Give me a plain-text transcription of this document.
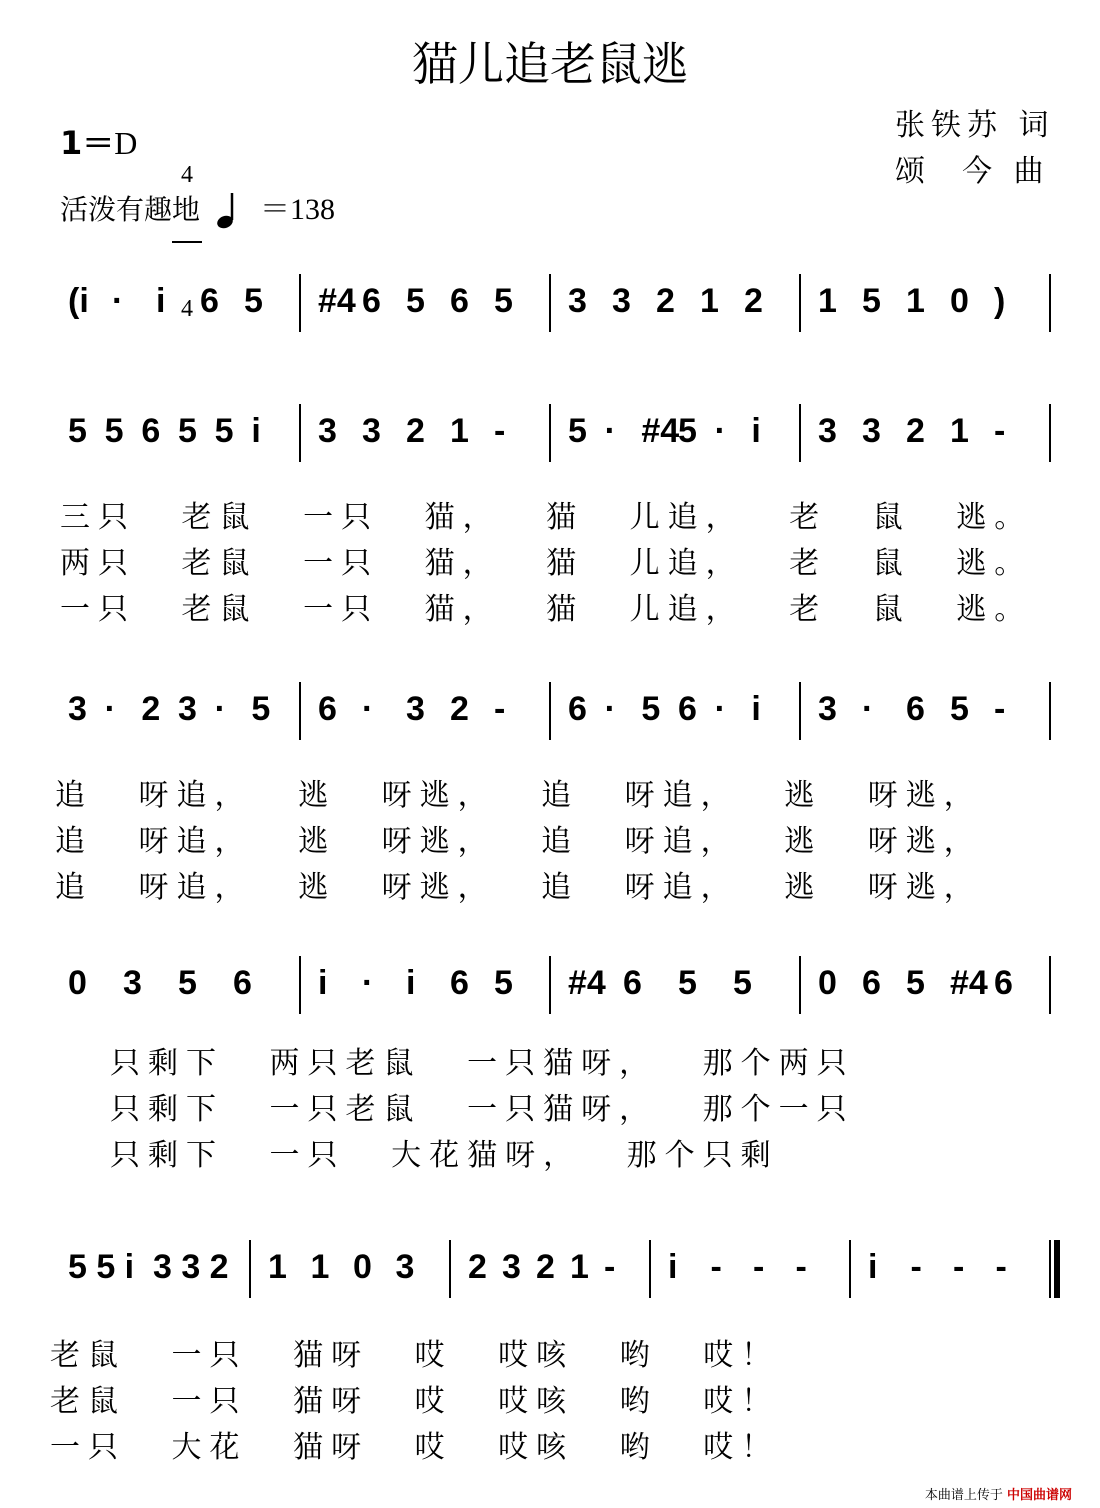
猫儿追老鼠逃
张铁苏 词
颂  今 曲
1＝D

4

4

活泼有趣地 ＝138
(i · i 6 5 #4 6 5 6 5 3 3 2 1 2 1 5 1 0 )
5 5 6 5 5 i 3 3 2 1 - 5 · #4
5 · i 3 3 2 1 -
3 · 2 3 · 5 6 · 3 2 - 6 · 5 6 · i 3 · 6 5 -
0 3 5 6 i · i 6 5 #4 6 5 5 0 6 5 #4 6
5 5 i 3 3 2 1 1 0 3 2 3 2 1 - i - - - i - - -
三只 老鼠 一只 猫， 猫 儿追， 老 鼠 逃。
两只 老鼠 一只 猫， 猫 儿追， 老 鼠 逃。
一只 老鼠 一只 猫， 猫 儿追， 老 鼠 逃。
追 呀追， 逃 呀逃， 追 呀追， 逃 呀逃，
追 呀追， 逃 呀逃， 追 呀追， 逃 呀逃，
追 呀追， 逃 呀逃， 追 呀追， 逃 呀逃，
只剩下 两只老鼠 一只猫呀， 那个两只
只剩下 一只老鼠 一只猫呀， 那个一只
只剩下 一只 大花猫呀， 那个只剩
老鼠 一只 猫呀 哎 哎咳 哟 哎！
老鼠 一只 猫呀 哎 哎咳 哟 哎！
一只 大花 猫呀 哎 哎咳 哟 哎！
本曲谱上传于 中国曲谱网
